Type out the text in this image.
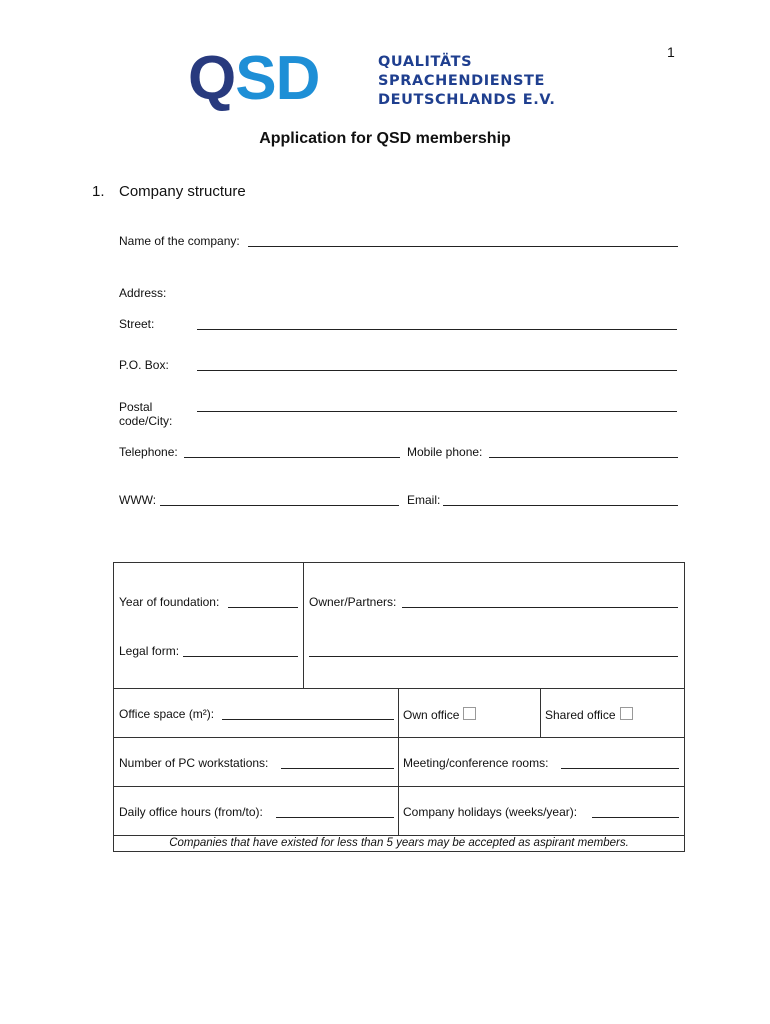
1
QSD	QUALITÄTS
SPRACHENDIENSTE
DEUTSCHLANDS E.V.
Application for QSD membership
1. Company structure
Name of the company:
Address:
Street:
P.O. Box:
Postal
code/City:
Telephone:	Mobile phone:
WWW:	Email:
Year of foundation:	Owner/Partners:
Legal form:
Office space (m²):	Own office	Shared office
Number of PC workstations:	Meeting/conference rooms:
Daily office hours (from/to):	Company holidays (weeks/year):
Companies that have existed for less than 5 years may be accepted as aspirant members.
